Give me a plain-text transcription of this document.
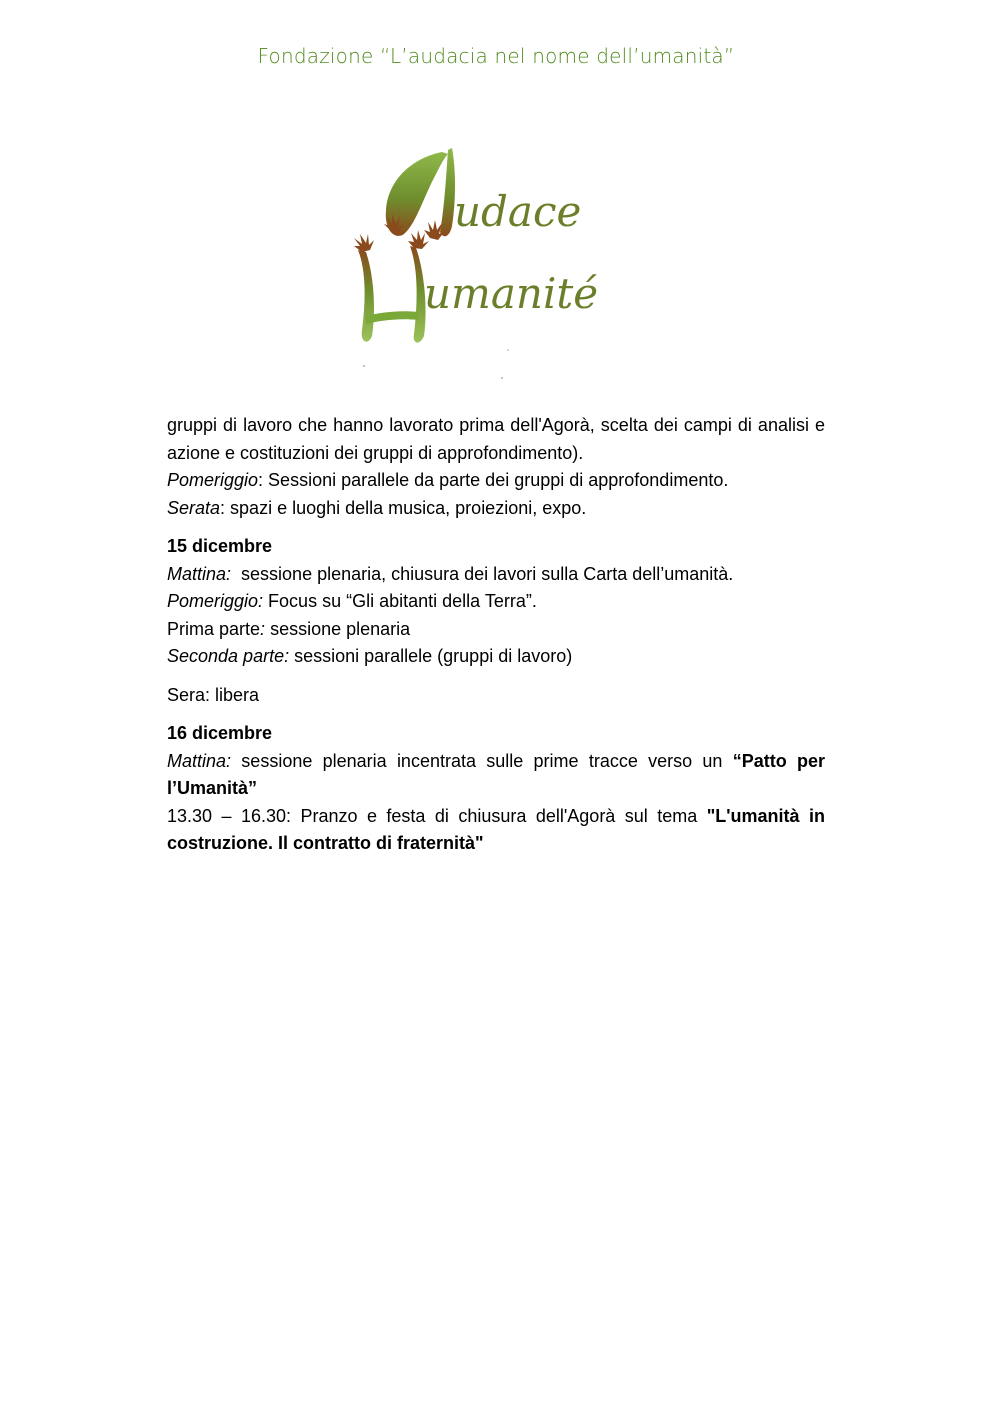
Fondazione “L’audacia nel nome dell’umanità”
udace
umanité

gruppi di lavoro che hanno lavorato prima dell'Agorà, scelta dei campi di analisi e azione e costituzioni dei gruppi di approfondimento).

Pomeriggio: Sessioni parallele da parte dei gruppi di approfondimento.

Serata: spazi e luoghi della musica, proiezioni, expo.

15 dicembre

Mattina:  sessione plenaria, chiusura dei lavori sulla Carta dell’umanità.

Pomeriggio: Focus su “Gli abitanti della Terra”.

Prima parte: sessione plenaria

Seconda parte: sessioni parallele (gruppi di lavoro)

Sera: libera

16 dicembre

Mattina: sessione plenaria incentrata sulle prime tracce verso un “Patto per l’Umanità”

13.30 – 16.30: Pranzo e festa di chiusura dell'Agorà sul tema "L'umanità in costruzione. Il contratto di fraternità"
